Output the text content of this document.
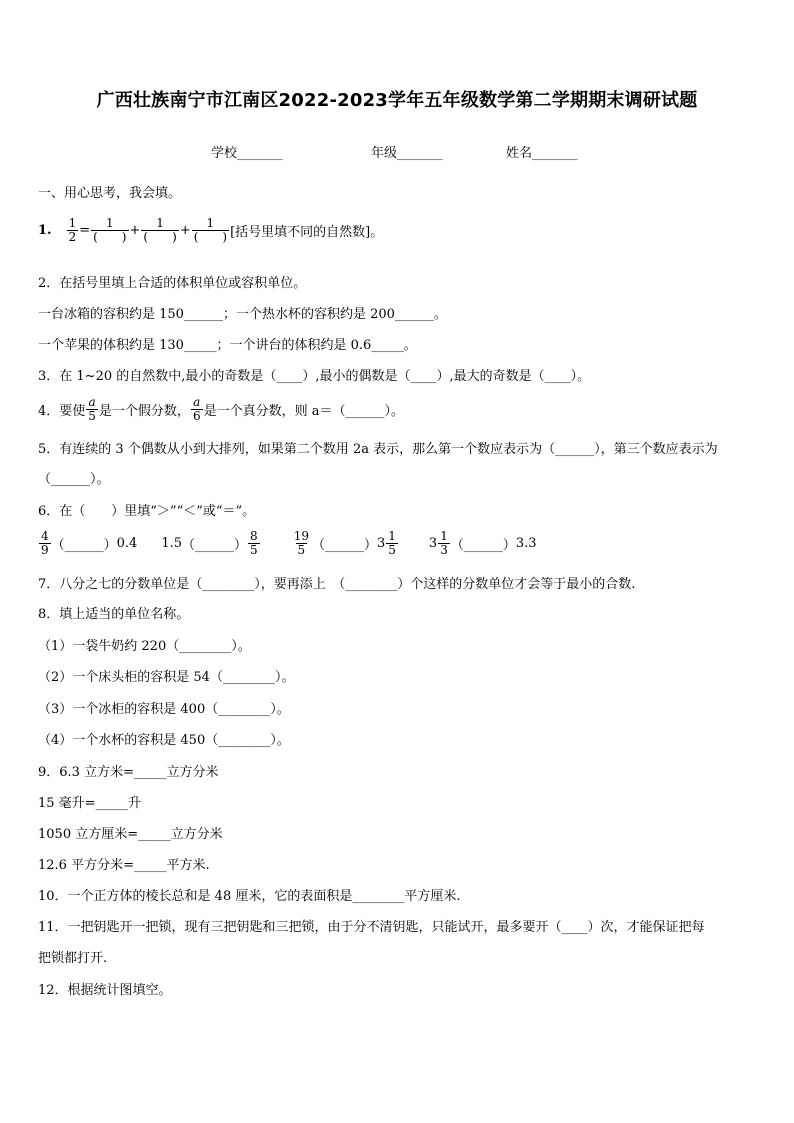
广西壮族南宁市江南区2022-2023学年五年级数学第二学期期末调研试题
学校_______	年级_______	姓名_______
一、用心思考，我会填。
1. $\frac{1}{2} = \frac{1}{( )} + \frac{1}{( )} + \frac{1}{( )}$ [括号里填不同的自然数]。
2．在括号里填上合适的体积单位或容积单位。
一台冰箱的容积约是 150______；一个热水杯的容积约是 200______。
一个苹果的体积约是 130_____；一个讲台的体积约是 0.6_____。
3．在 1~20 的自然数中,最小的奇数是（____）,最小的偶数是（____）,最大的奇数是（____）。
4．要使 $\frac{a}{5}$ 是一个假分数， $\frac{a}{6}$ 是一个真分数，则 a＝（______）。
5．有连续的 3 个偶数从小到大排列，如果第二个数用 2a 表示，那么第一个数应表示为（______），第三个数应表示为
（______）。
6．在（　　）里填“＞”“＜”或“＝”。
$\frac{4}{9}$ （______） 0.4 1.5 （______） $\frac{8}{5}$	$\frac{19}{5}$ （______） $3 \frac{1}{5} 3 \frac{1}{3}$ （______） 3.3
7．八分之七的分数单位是（________），要再添上　（________）个这样的分数单位才会等于最小的合数.
8．填上适当的单位名称。
（1）一袋牛奶约 220（________）。
（2）一个床头柜的容积是 54（________）。
（3）一个冰柜的容积是 400（________）。
（4）一个水杯的容积是 450（________）。
9．6.3 立方米=_____立方分米
15 毫升=_____升
1050 立方厘米=_____立方分米
12.6 平方分米=_____平方米.
10．一个正方体的棱长总和是 48 厘米，它的表面积是________平方厘米.
11．一把钥匙开一把锁，现有三把钥匙和三把锁，由于分不清钥匙，只能试开，最多要开（____）次，才能保证把每
把锁都打开.
12．根据统计图填空。
